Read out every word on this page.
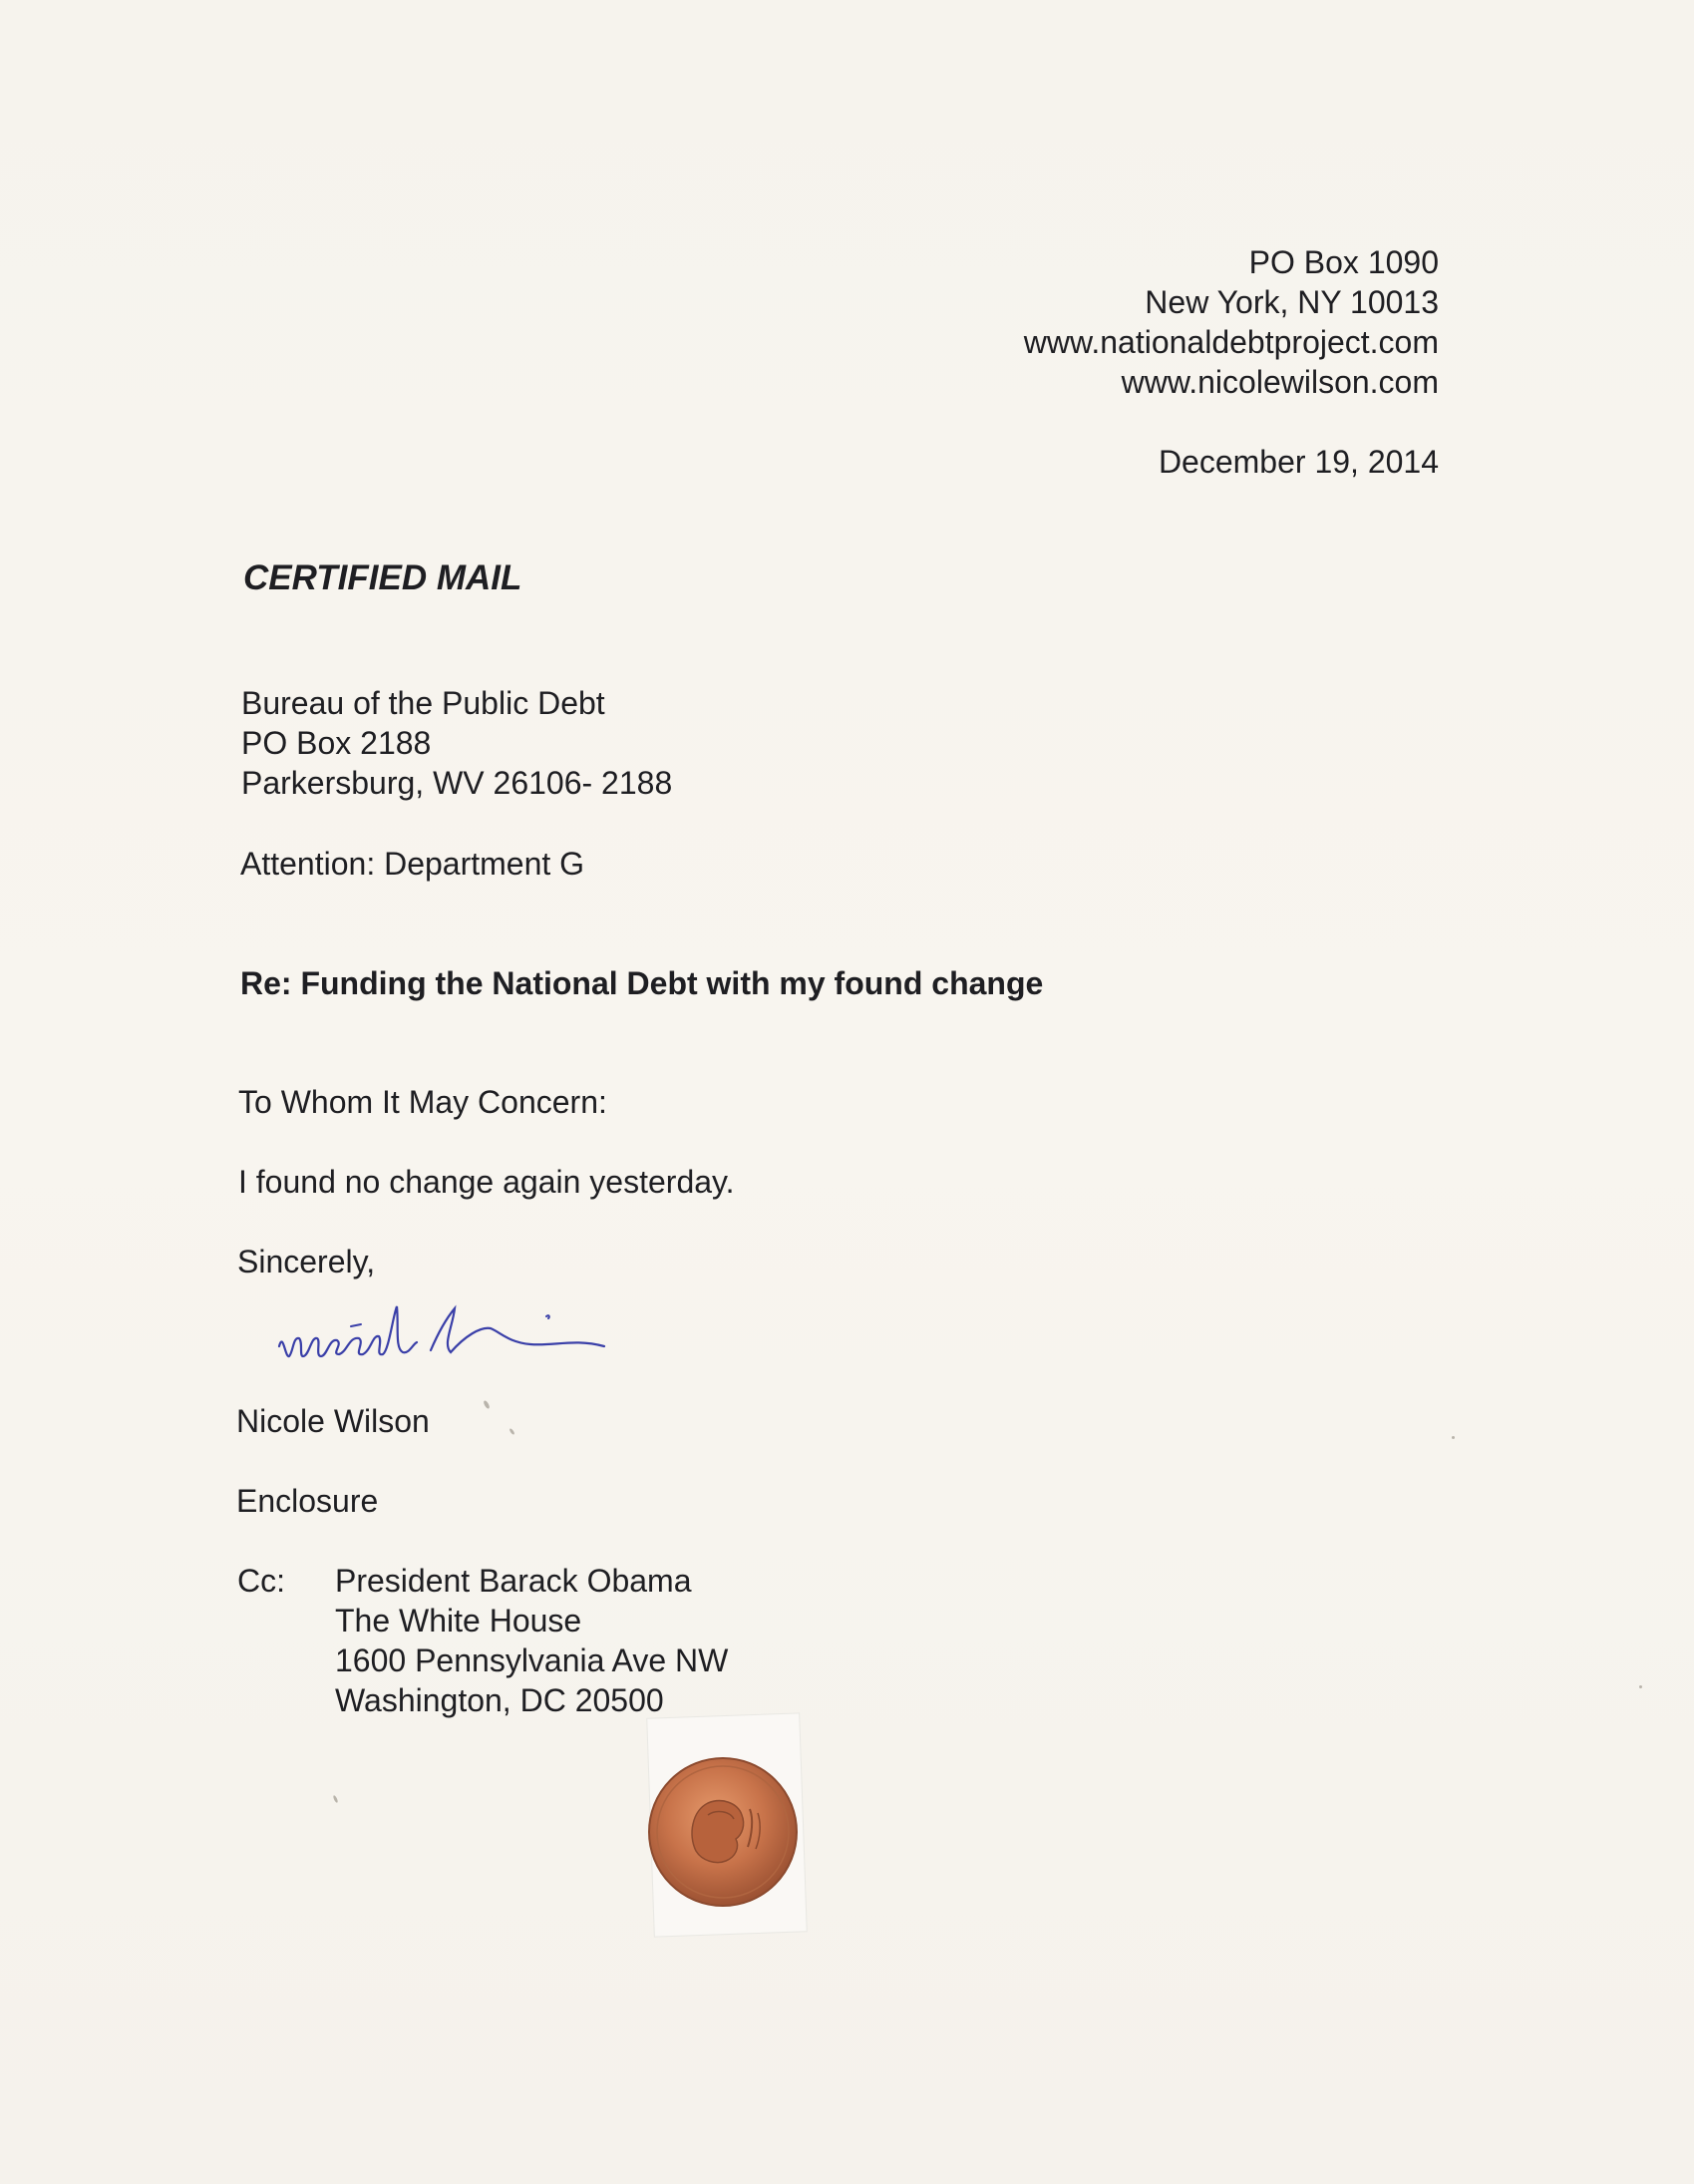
PO Box 1090
New York, NY 10013
www.nationaldebtproject.com
www.nicolewilson.com
December 19, 2014
CERTIFIED MAIL
Bureau of the Public Debt
PO Box 2188
Parkersburg, WV 26106- 2188
Attention: Department G
Re: Funding the National Debt with my found change
To Whom It May Concern:
I found no change again yesterday.
Sincerely,
Nicole Wilson
Enclosure
Cc: President Barack Obama
The White House
1600 Pennsylvania Ave NW
Washington, DC 20500
